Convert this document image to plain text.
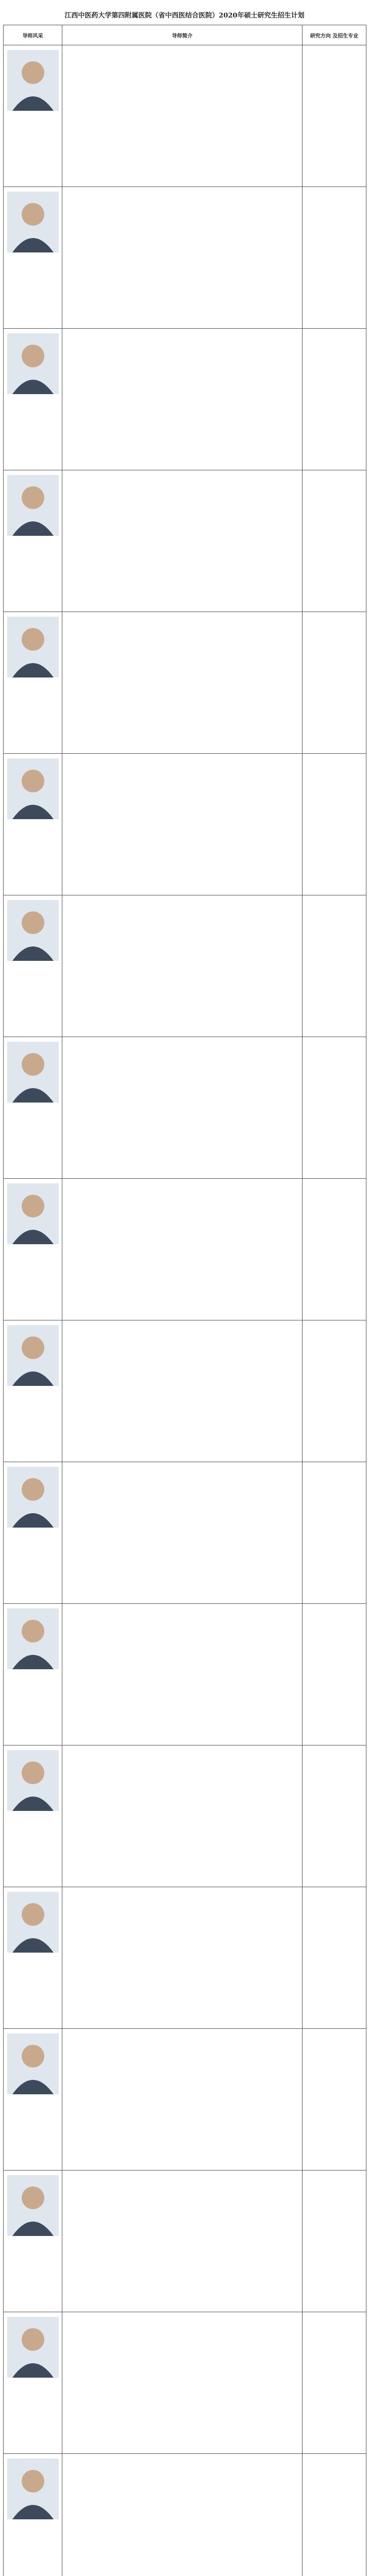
江西中医药大学第四附属医院（省中西医结合医院）2020年硕士研究生招生计划
导师风采	导师简介	研究方向 及招生专业
